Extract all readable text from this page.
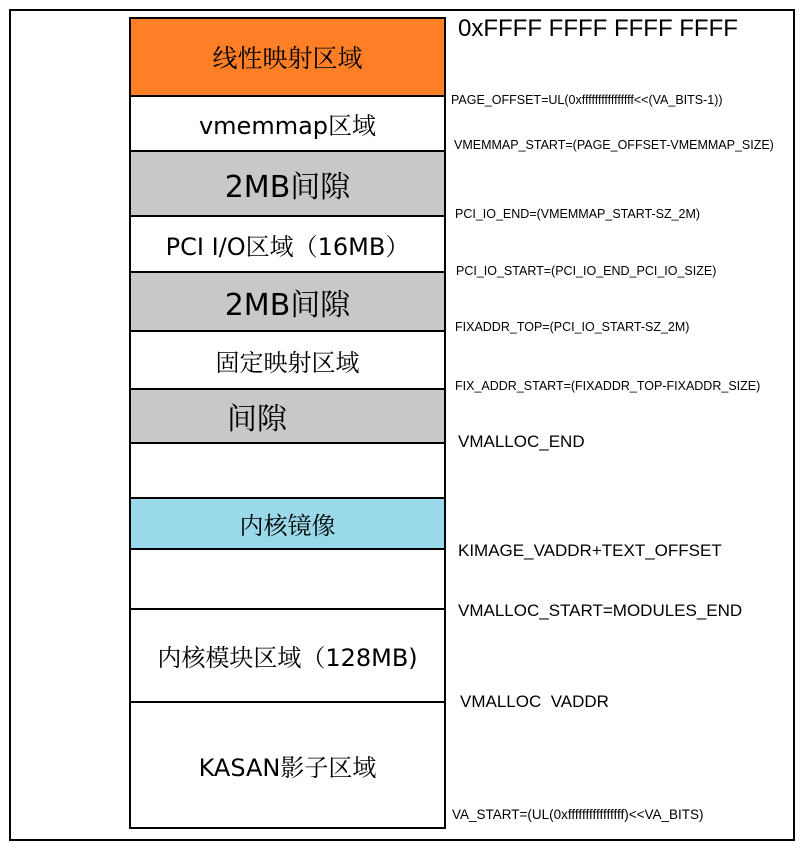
线性映射区域
vmemmap区域
2MB间隙
PCI I/O区域（16MB）
2MB间隙
固定映射区域
间隙
内核镜像
内核模块区域（128MB)
KASAN影子区域
0xFFFF FFFF FFFF FFFF
PAGE_OFFSET=UL(0xffffffffffffffff<<(VA_BITS-1))
VMEMMAP_START=(PAGE_OFFSET-VMEMMAP_SIZE)
PCI_IO_END=(VMEMMAP_START-SZ_2M)
PCI_IO_START=(PCI_IO_END_PCI_IO_SIZE)
FIXADDR_TOP=(PCI_IO_START-SZ_2M)
FIX_ADDR_START=(FIXADDR_TOP-FIXADDR_SIZE)
VMALLOC_END
KIMAGE_VADDR+TEXT_OFFSET
VMALLOC_START=MODULES_END
VMALLOC  VADDR
VA_START=(UL(0xffffffffffffffff)<<VA_BITS)
